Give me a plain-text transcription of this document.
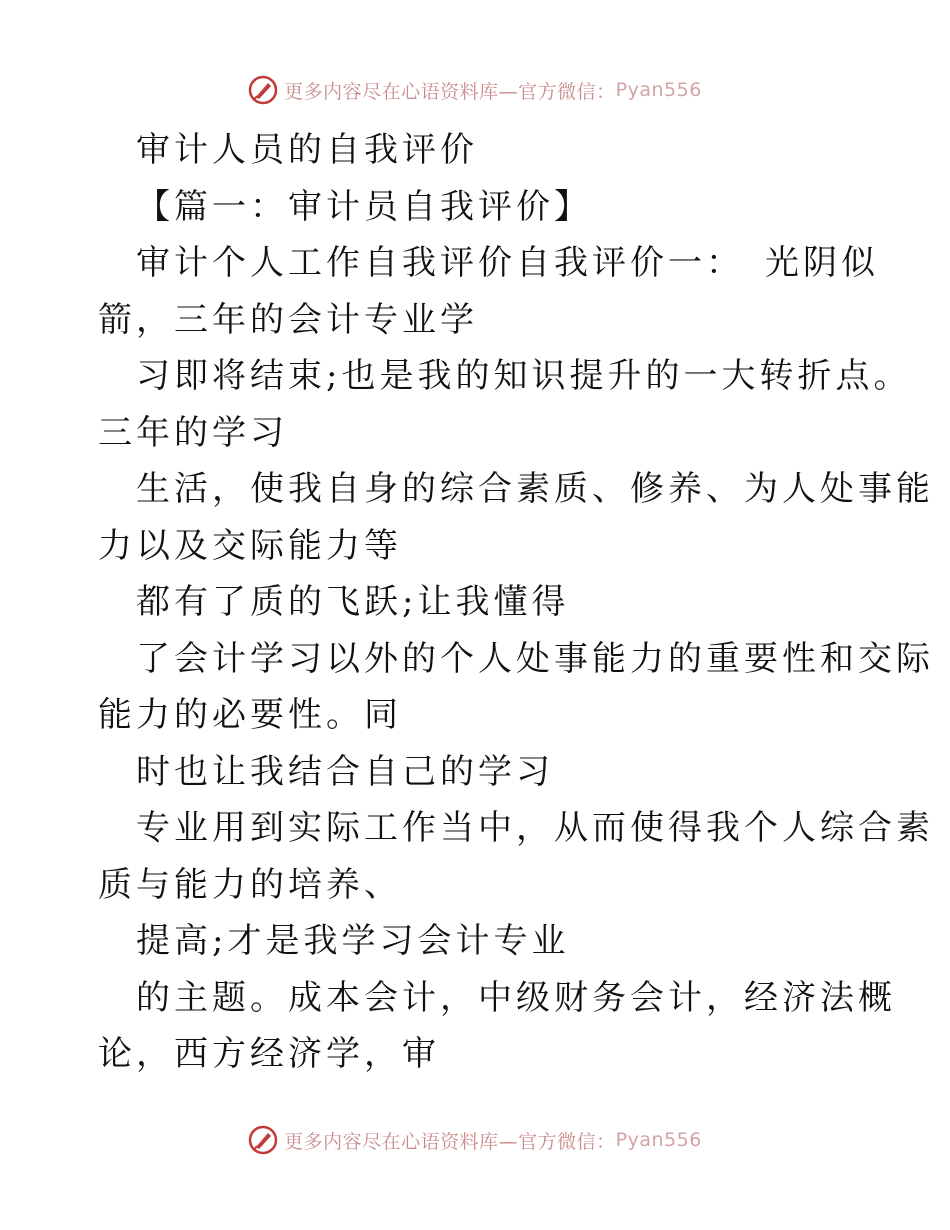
更多内容尽在心语资料库—官方微信： Pyan556

审计人员的自我评价

【篇一：审计员自我评价】

审计个人工作自我评价自我评价一：　光阴似

箭，三年的会计专业学

习即将结束;也是我的知识提升的一大转折点。

三年的学习

生活，使我自身的综合素质、修养、为人处事能

力以及交际能力等

都有了质的飞跃;让我懂得

了会计学习以外的个人处事能力的重要性和交际

能力的必要性。同

时也让我结合自己的学习

专业用到实际工作当中，从而使得我个人综合素

质与能力的培养、

提高;才是我学习会计专业

的主题。成本会计，中级财务会计，经济法概

论，西方经济学，审

更多内容尽在心语资料库—官方微信： Pyan556
